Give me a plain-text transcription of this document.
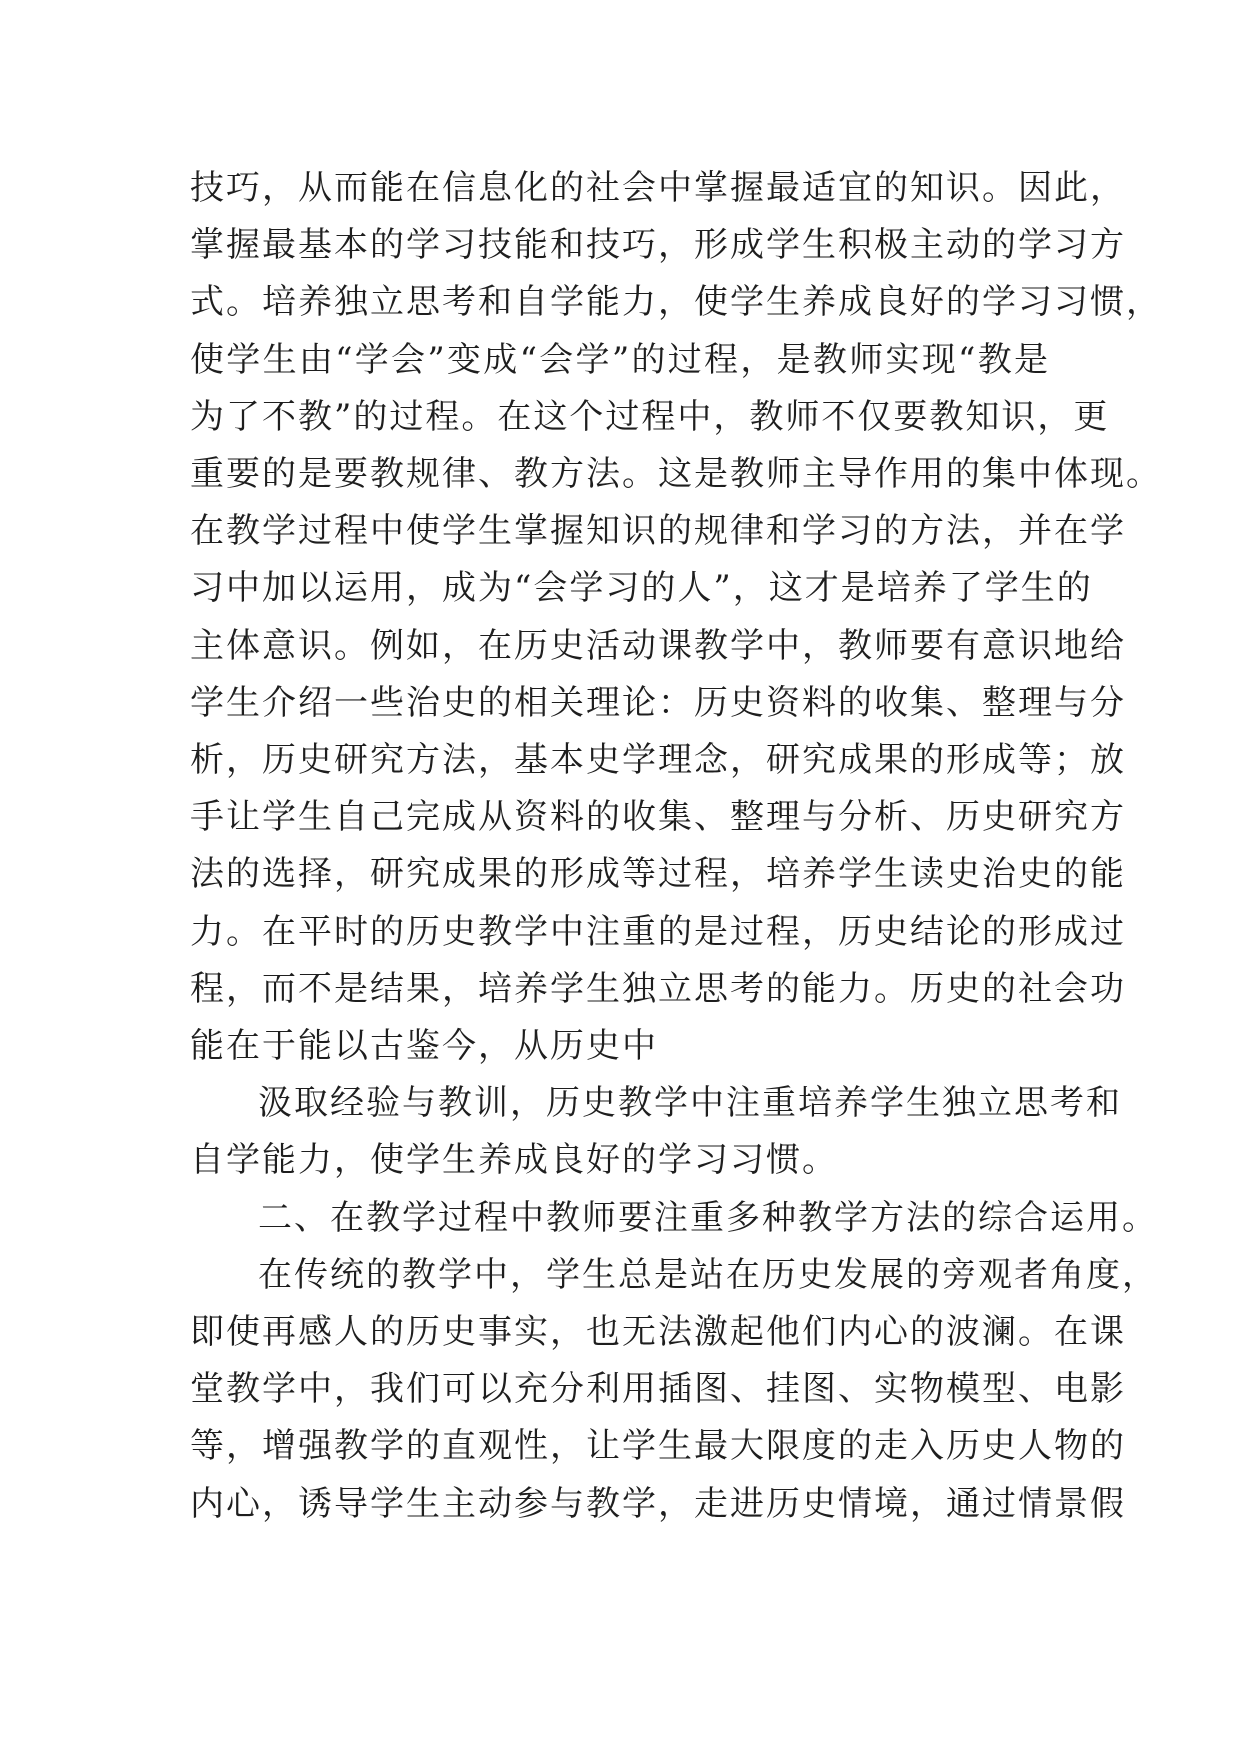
技巧，从而能在信息化的社会中掌握最适宜的知识。因此，
掌握最基本的学习技能和技巧，形成学生积极主动的学习方
式。培养独立思考和自学能力，使学生养成良好的学习习惯，
使学生由“学会”变成“会学”的过程，是教师实现“教是
为了不教”的过程。在这个过程中，教师不仅要教知识，更
重要的是要教规律、教方法。这是教师主导作用的集中体现。
在教学过程中使学生掌握知识的规律和学习的方法，并在学
习中加以运用，成为“会学习的人”，这才是培养了学生的
主体意识。例如，在历史活动课教学中，教师要有意识地给
学生介绍一些治史的相关理论：历史资料的收集、整理与分
析，历史研究方法，基本史学理念，研究成果的形成等；放
手让学生自己完成从资料的收集、整理与分析、历史研究方
法的选择，研究成果的形成等过程，培养学生读史治史的能
力。在平时的历史教学中注重的是过程，历史结论的形成过
程，而不是结果，培养学生独立思考的能力。历史的社会功
能在于能以古鉴今，从历史中

汲取经验与教训，历史教学中注重培养学生独立思考和
自学能力，使学生养成良好的学习习惯。

二、在教学过程中教师要注重多种教学方法的综合运用。

在传统的教学中，学生总是站在历史发展的旁观者角度，
即使再感人的历史事实，也无法激起他们内心的波澜。在课
堂教学中，我们可以充分利用插图、挂图、实物模型、电影
等，增强教学的直观性，让学生最大限度的走入历史人物的
内心，诱导学生主动参与教学，走进历史情境，通过情景假
